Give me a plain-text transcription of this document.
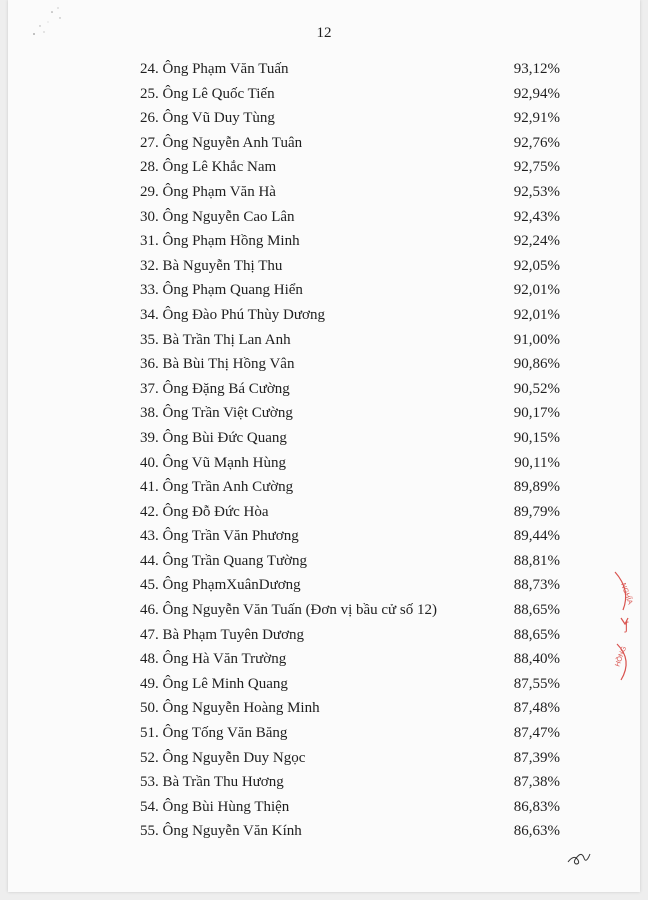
12
24. Ông Phạm Văn Tuấn	93,12%
25. Ông Lê Quốc Tiến	92,94%
26. Ông Vũ Duy Tùng	92,91%
27. Ông Nguyễn Anh Tuân	92,76%
28. Ông Lê Khắc Nam	92,75%
29. Ông Phạm Văn Hà	92,53%
30. Ông Nguyễn Cao Lân	92,43%
31. Ông Phạm Hồng Minh	92,24%
32. Bà Nguyễn Thị Thu	92,05%
33. Ông Phạm Quang Hiển	92,01%
34. Ông Đào Phú Thùy Dương	92,01%
35. Bà Trần Thị Lan Anh	91,00%
36. Bà Bùi Thị Hồng Vân	90,86%
37. Ông Đặng Bá Cường	90,52%
38. Ông Trần Việt Cường	90,17%
39. Ông Bùi Đức Quang	90,15%
40. Ông Vũ Mạnh Hùng	90,11%
41. Ông Trần Anh Cường	89,89%
42. Ông Đỗ Đức Hòa	89,79%
43. Ông Trần Văn Phương	89,44%
44. Ông Trần Quang Tường	88,81%
45. Ông PhạmXuânDương	88,73%
46. Ông Nguyễn Văn Tuấn (Đơn vị bầu cử số 12)	88,65%
47. Bà Phạm Tuyên Dương	88,65%
48. Ông Hà Văn Trường	88,40%
49. Ông Lê Minh Quang	87,55%
50. Ông Nguyễn Hoàng Minh	87,48%
51. Ông Tống Văn Băng	87,47%
52. Ông Nguyễn Duy Ngọc	87,39%
53. Bà Trần Thu Hương	87,38%
54. Ông Bùi Hùng Thiện	86,83%
55. Ông Nguyễn Văn Kính	86,63%
NGHĨA
ʃ
HỒNG
